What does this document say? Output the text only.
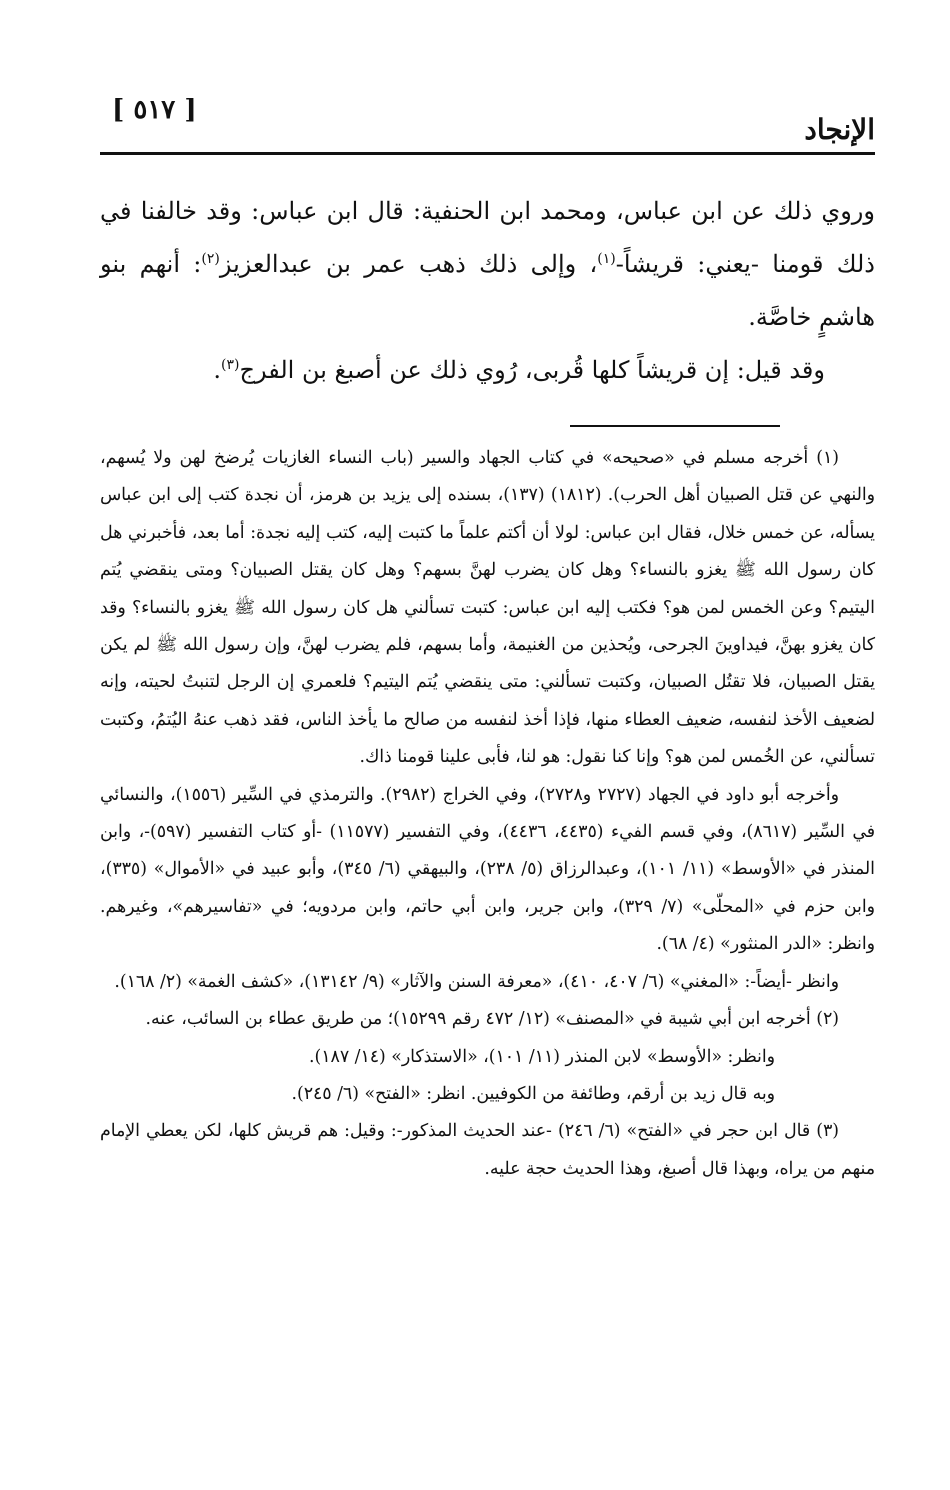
[ ٥١٧ ]
الإنجاد

وروي ذلك عن ابن عباس، ومحمد ابن الحنفية: قال ابن عباس: وقد خالفنا في ذلك قومنا -يعني: قريشاً-$^{(١)}$، وإلى ذلك ذهب عمر بن عبدالعزيز$^{(٢)}$: أنهم بنو هاشمٍ خاصَّة.

وقد قيل: إن قريشاً كلها قُربى، رُوي ذلك عن أصبغ بن الفرج$^{(٣)}$.

(١) أخرجه مسلم في «صحيحه» في كتاب الجهاد والسير (باب النساء الغازيات يُرضخ لهن ولا يُسهم، والنهي عن قتل الصبيان أهل الحرب). (١٨١٢) (١٣٧)، بسنده إلى يزيد بن هرمز، أن نجدة كتب إلى ابن عباس يسأله، عن خمس خلال، فقال ابن عباس: لولا أن أكتم علماً ما كتبت إليه، كتب إليه نجدة: أما بعد، فأخبرني هل كان رسول الله ﷺ يغزو بالنساء؟ وهل كان يضرب لهنَّ بسهم؟ وهل كان يقتل الصبيان؟ ومتى ينقضي يُتم اليتيم؟ وعن الخمس لمن هو؟ فكتب إليه ابن عباس: كتبت تسألني هل كان رسول الله ﷺ يغزو بالنساء؟ وقد كان يغزو بهنَّ، فيداوينَ الجرحى، ويُحذين من الغنيمة، وأما بسهم، فلم يضرب لهنَّ، وإن رسول الله ﷺ لم يكن يقتل الصبيان، فلا تقتُل الصبيان، وكتبت تسألني: متى ينقضي يُتم اليتيم؟ فلعمري إن الرجل لتنبتُ لحيته، وإنه لضعيف الأخذ لنفسه، ضعيف العطاء منها، فإذا أخذ لنفسه من صالح ما يأخذ الناس، فقد ذهب عنهُ اليُتمُ، وكتبت تسألني، عن الخُمس لمن هو؟ وإنا كنا نقول: هو لنا، فأبى علينا قومنا ذاك.

وأخرجه أبو داود في الجهاد (٢٧٢٧ و٢٧٢٨)، وفي الخراج (٢٩٨٢). والترمذي في السِّير (١٥٥٦)، والنسائي في السِّير (٨٦١٧)، وفي قسم الفيء (٤٤٣٥، ٤٤٣٦)، وفي التفسير (١١٥٧٧) -أو كتاب التفسير (٥٩٧)-، وابن المنذر في «الأوسط» (١١/ ١٠١)، وعبدالرزاق (٥/ ٢٣٨)، والبيهقي (٦/ ٣٤٥)، وأبو عبيد في «الأموال» (٣٣٥)، وابن حزم في «المحلّى» (٧/ ٣٢٩)، وابن جرير، وابن أبي حاتم، وابن مردويه؛ في «تفاسيرهم»، وغيرهم. وانظر: «الدر المنثور» (٤/ ٦٨).

وانظر -أيضاً-: «المغني» (٦/ ٤٠٧، ٤١٠)، «معرفة السنن والآثار» (٩/ ١٣١٤٢)، «كشف الغمة» (٢/ ١٦٨).

(٢) أخرجه ابن أبي شيبة في «المصنف» (١٢/ ٤٧٢ رقم ١٥٢٩٩)؛ من طريق عطاء بن السائب، عنه.

وانظر: «الأوسط» لابن المنذر (١١/ ١٠١)، «الاستذكار» (١٤/ ١٨٧).

وبه قال زيد بن أرقم، وطائفة من الكوفيين. انظر: «الفتح» (٦/ ٢٤٥).

(٣) قال ابن حجر في «الفتح» (٦/ ٢٤٦) -عند الحديث المذكور-: وقيل: هم قريش كلها، لكن يعطي الإمام منهم من يراه، وبهذا قال أصبغ، وهذا الحديث حجة عليه.
